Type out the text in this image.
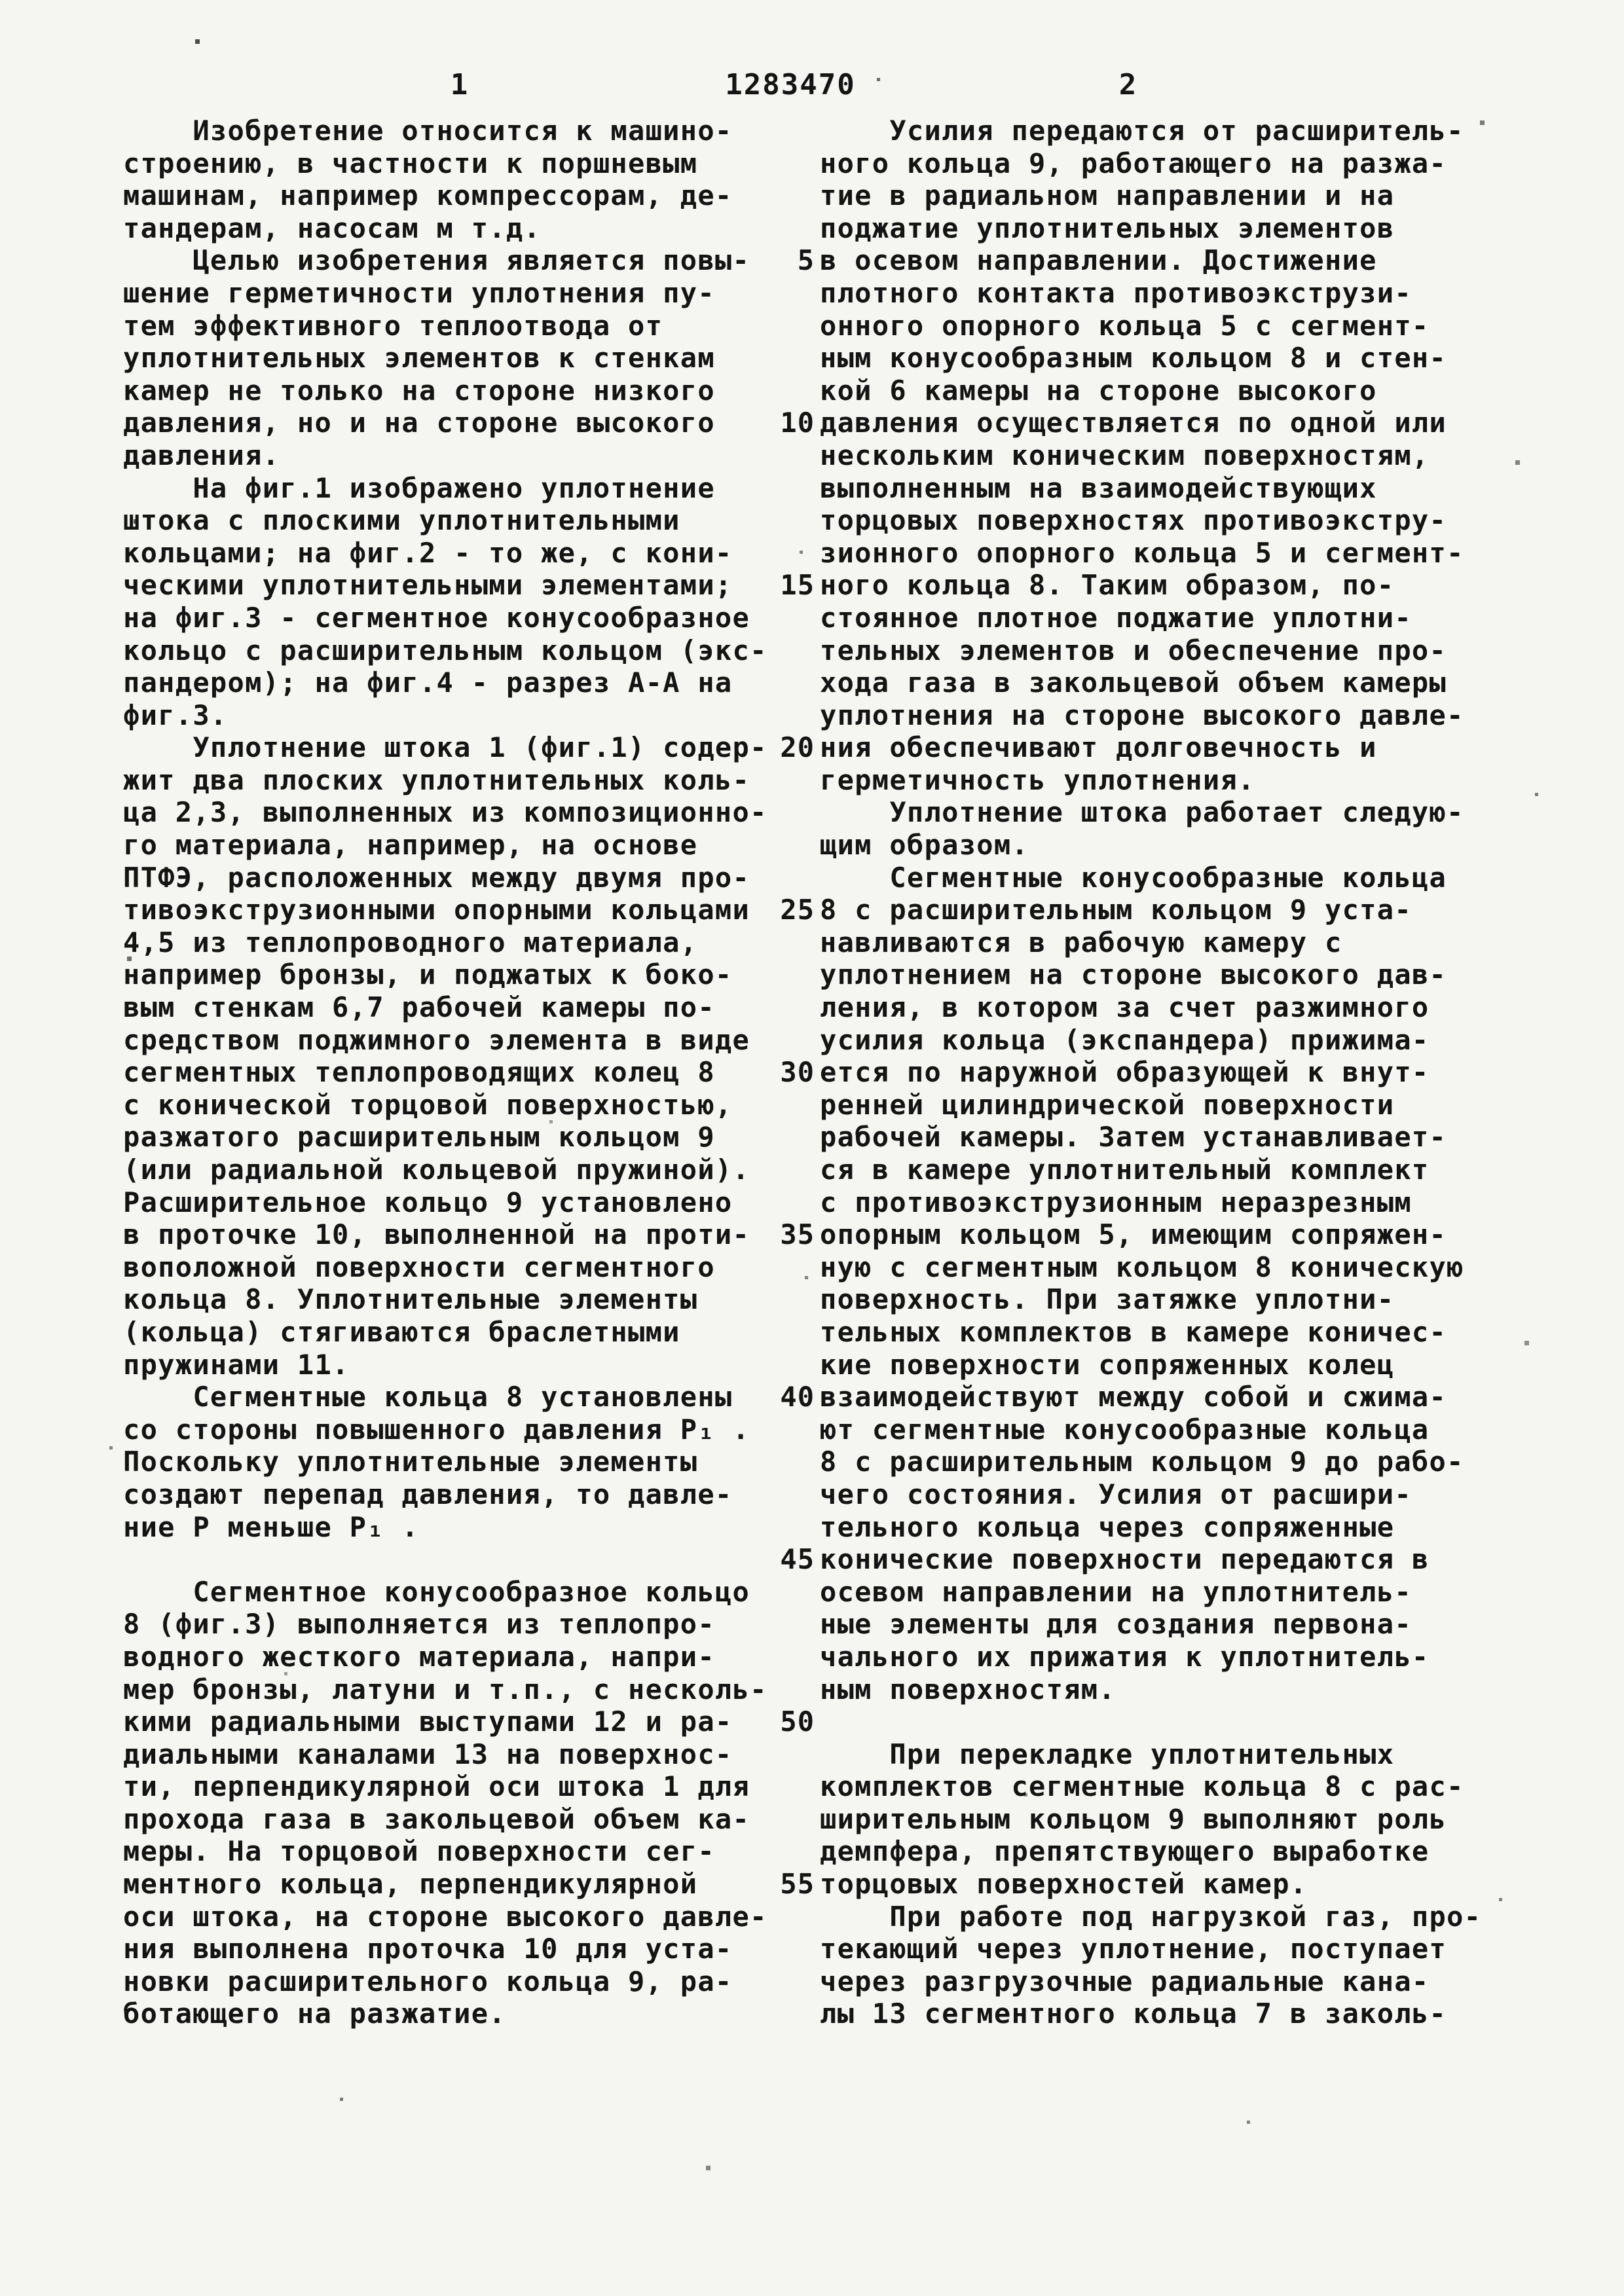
1	1283470	2
Изобретение относится к машино-
строению, в частности к поршневым
машинам, например компрессорам, де-
тандерам, насосам м т.д.
Целью изобретения является повы-
шение герметичности уплотнения пу-
тем эффективного теплоотвода от
уплотнительных элементов к стенкам
камер не только на стороне низкого
давления, но и на стороне высокого
давления.
На фиг.1 изображено уплотнение
штока с плоскими уплотнительными
кольцами; на фиг.2 - то же, с кони-
ческими уплотнительными элементами;
на фиг.3 - сегментное конусообразное
кольцо с расширительным кольцом (экс-
пандером); на фиг.4 - разрез А-А на
фиг.3.
Уплотнение штока 1 (фиг.1) содер-
жит два плоских уплотнительных коль-
ца 2,3, выполненных из композиционно-
го материала, например, на основе
ПТФЭ, расположенных между двумя про-
тивоэкструзионными опорными кольцами
4,5 из теплопроводного материала,
например бронзы, и поджатых к боко-
вым стенкам 6,7 рабочей камеры по-
средством поджимного элемента в виде
сегментных теплопроводящих колец 8
с конической торцовой поверхностью,
разжатого расширительным кольцом 9
(или радиальной кольцевой пружиной).
Расширительное кольцо 9 установлено
в проточке 10, выполненной на проти-
воположной поверхности сегментного
кольца 8. Уплотнительные элементы
(кольца) стягиваются браслетными
пружинами 11.
Сегментные кольца 8 установлены
со стороны повышенного давления Р₁ .
Поскольку уплотнительные элементы
создают перепад давления, то давле-
ние Р меньше Р₁ .
Сегментное конусообразное кольцо
8 (фиг.3) выполняется из теплопро-
водного жесткого материала, напри-
мер бронзы, латуни и т.п., с несколь-
кими радиальными выступами 12 и ра-
диальными каналами 13 на поверхнос-
ти, перпендикулярной оси штока 1 для
прохода газа в закольцевой объем ка-
меры. На торцовой поверхности сег-
ментного кольца, перпендикулярной
оси штока, на стороне высокого давле-
ния выполнена проточка 10 для уста-
новки расширительного кольца 9, ра-
ботающего на разжатие.
5
10
15
20
25
30
35
40
45
50
55
Усилия передаются от расширитель-
ного кольца 9, работающего на разжа-
тие в радиальном направлении и на
поджатие уплотнительных элементов
в осевом направлении. Достижение
плотного контакта противоэкструзи-
онного опорного кольца 5 с сегмент-
ным конусообразным кольцом 8 и стен-
кой 6 камеры на стороне высокого
давления осуществляется по одной или
нескольким коническим поверхностям,
выполненным на взаимодействующих
торцовых поверхностях противоэкстру-
зионного опорного кольца 5 и сегмент-
ного кольца 8. Таким образом, по-
стоянное плотное поджатие уплотни-
тельных элементов и обеспечение про-
хода газа в закольцевой объем камеры
уплотнения на стороне высокого давле-
ния обеспечивают долговечность и
герметичность уплотнения.
Уплотнение штока работает следую-
щим образом.
Сегментные конусообразные кольца
8 с расширительным кольцом 9 уста-
навливаются в рабочую камеру с
уплотнением на стороне высокого дав-
ления, в котором за счет разжимного
усилия кольца (экспандера) прижима-
ется по наружной образующей к внут-
ренней цилиндрической поверхности
рабочей камеры. Затем устанавливает-
ся в камере уплотнительный комплект
с противоэкструзионным неразрезным
опорным кольцом 5, имеющим сопряжен-
ную с сегментным кольцом 8 коническую
поверхность. При затяжке уплотни-
тельных комплектов в камере коничес-
кие поверхности сопряженных колец
взаимодействуют между собой и сжима-
ют сегментные конусообразные кольца
8 с расширительным кольцом 9 до рабо-
чего состояния. Усилия от расшири-
тельного кольца через сопряженные
конические поверхности передаются в
осевом направлении на уплотнитель-
ные элементы для создания первона-
чального их прижатия к уплотнитель-
ным поверхностям.
При перекладке уплотнительных
комплектов сегментные кольца 8 с рас-
ширительным кольцом 9 выполняют роль
демпфера, препятствующего выработке
торцовых поверхностей камер.
При работе под нагрузкой газ, про-
текающий через уплотнение, поступает
через разгрузочные радиальные кана-
лы 13 сегментного кольца 7 в заколь-
